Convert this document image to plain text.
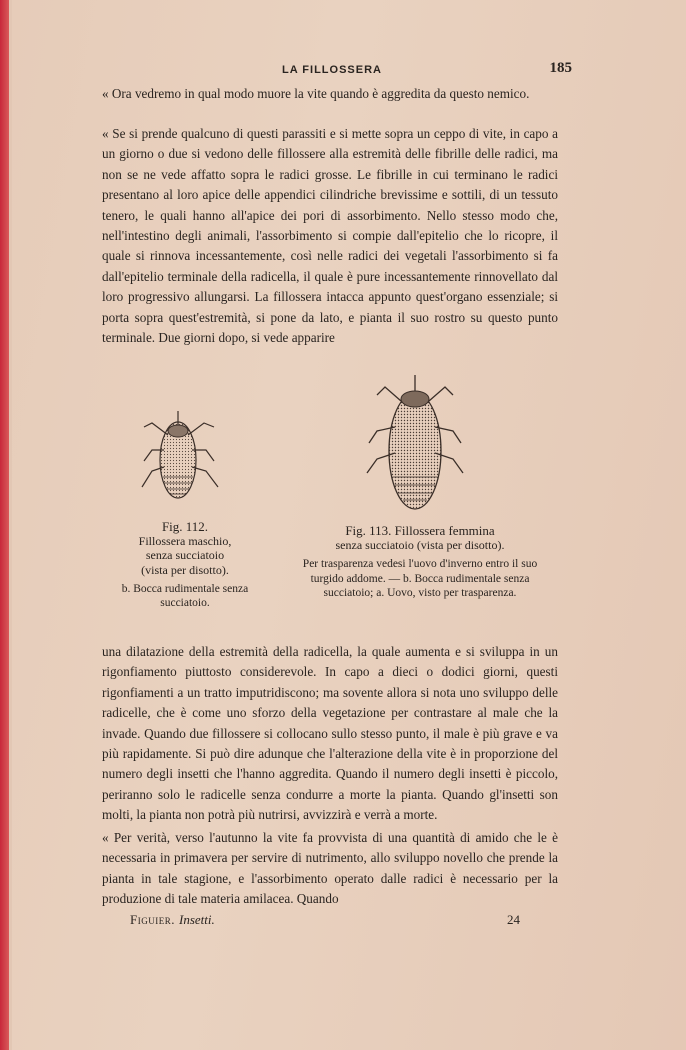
LA FILLOSSERA	185
« Ora vedremo in qual modo muore la vite quando è aggredita da questo nemico.
« Se si prende qualcuno di questi parassiti e si mette sopra un ceppo di vite, in capo a un giorno o due si vedono delle fillossere alla estremità delle fibrille delle radici, ma non se ne vede affatto sopra le radici grosse. Le fibrille in cui terminano le radici presentano al loro apice delle appendici cilindriche brevissime e sottili, di un tessuto tenero, le quali hanno all'apice dei pori di assorbimento. Nello stesso modo che, nell'intestino degli animali, l'assorbimento si compie dall'epitelio che lo ricopre, il quale si rinnova incessantemente, così nelle radici dei vegetali l'assorbimento si fa dall'epitelio terminale della radicella, il quale è pure incessantemente rinnovellato dal loro progressivo allungarsi. La fillossera intacca appunto quest'organo essenziale; si porta sopra quest'estremità, si pone da lato, e pianta il suo rostro su questo punto terminale. Due giorni dopo, si vede apparire
Fig. 112.
Fillossera maschio,
senza succiatoio
(vista per disotto).
b. Bocca rudimentale senza succiatoio.
Fig. 113. Fillossera femmina
senza succiatoio (vista per disotto).
Per trasparenza vedesi l'uovo d'inverno entro il suo turgido addome. — b. Bocca rudimentale senza succiatoio; a. Uovo, visto per trasparenza.
una dilatazione della estremità della radicella, la quale aumenta e si sviluppa in un rigonfiamento piuttosto considerevole. In capo a dieci o dodici giorni, questi rigonfiamenti a un tratto imputridiscono; ma sovente allora si nota uno sviluppo delle radicelle, che è come uno sforzo della vegetazione per contrastare al male che la invade. Quando due fillossere si collocano sullo stesso punto, il male è più grave e va più rapidamente. Si può dire adunque che l'alterazione della vite è in proporzione del numero degli insetti che l'hanno aggredita. Quando il numero degli insetti è piccolo, periranno solo le radicelle senza condurre a morte la pianta. Quando gl'insetti son molti, la pianta non potrà più nutrirsi, avvizzirà e verrà a morte.
« Per verità, verso l'autunno la vite fa provvista di una quantità di amido che le è necessaria in primavera per servire di nutrimento, allo sviluppo novello che prende la pianta in tale stagione, e l'assorbimento operato dalle radici è necessario per la produzione di tale materia amilacea. Quando
Figuier. Insetti.	24
